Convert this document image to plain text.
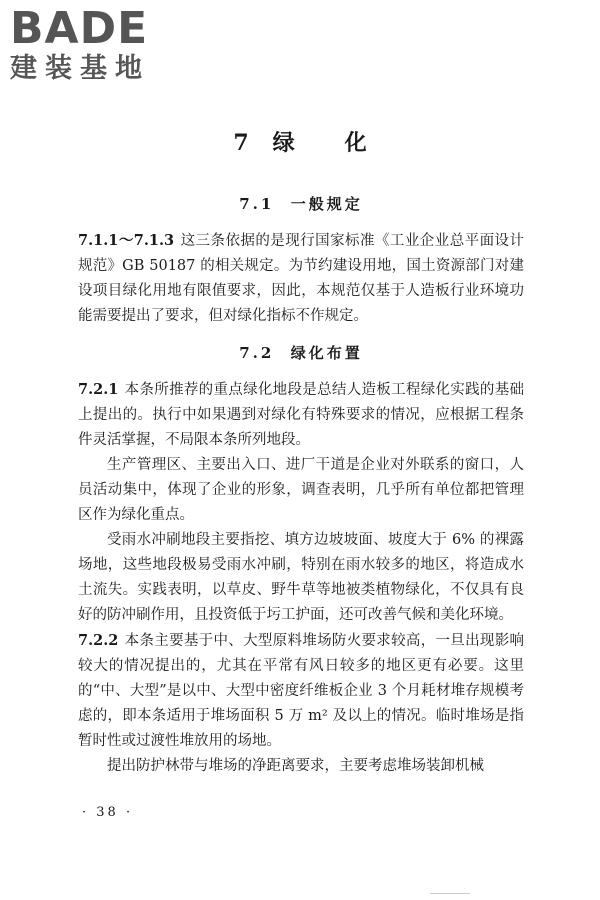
BADE
建装基地
7 绿　　化
7.1 一般规定

7.1.1～7.1.3 这三条依据的是现行国家标准《工业企业总平面设计规范》GB 50187 的相关规定。为节约建设用地，国土资源部门对建设项目绿化用地有限值要求，因此，本规范仅基于人造板行业环境功能需要提出了要求，但对绿化指标不作规定。

7.2 绿化布置

7.2.1 本条所推荐的重点绿化地段是总结人造板工程绿化实践的基础上提出的。执行中如果遇到对绿化有特殊要求的情况，应根据工程条件灵活掌握，不局限本条所列地段。

生产管理区、主要出入口、进厂干道是企业对外联系的窗口，人员活动集中，体现了企业的形象，调查表明，几乎所有单位都把管理区作为绿化重点。

受雨水冲刷地段主要指挖、填方边坡坡面、坡度大于 6% 的裸露场地，这些地段极易受雨水冲刷，特别在雨水较多的地区，将造成水土流失。实践表明，以草皮、野牛草等地被类植物绿化，不仅具有良好的防冲刷作用，且投资低于圬工护面，还可改善气候和美化环境。

7.2.2 本条主要基于中、大型原料堆场防火要求较高，一旦出现影响较大的情况提出的，尤其在平常有风日较多的地区更有必要。这里的“中、大型”是以中、大型中密度纤维板企业 3 个月耗材堆存规模考虑的，即本条适用于堆场面积 5 万 m² 及以上的情况。临时堆场是指暂时性或过渡性堆放用的场地。

提出防护林带与堆场的净距离要求，主要考虑堆场装卸机械

· 38 ·
